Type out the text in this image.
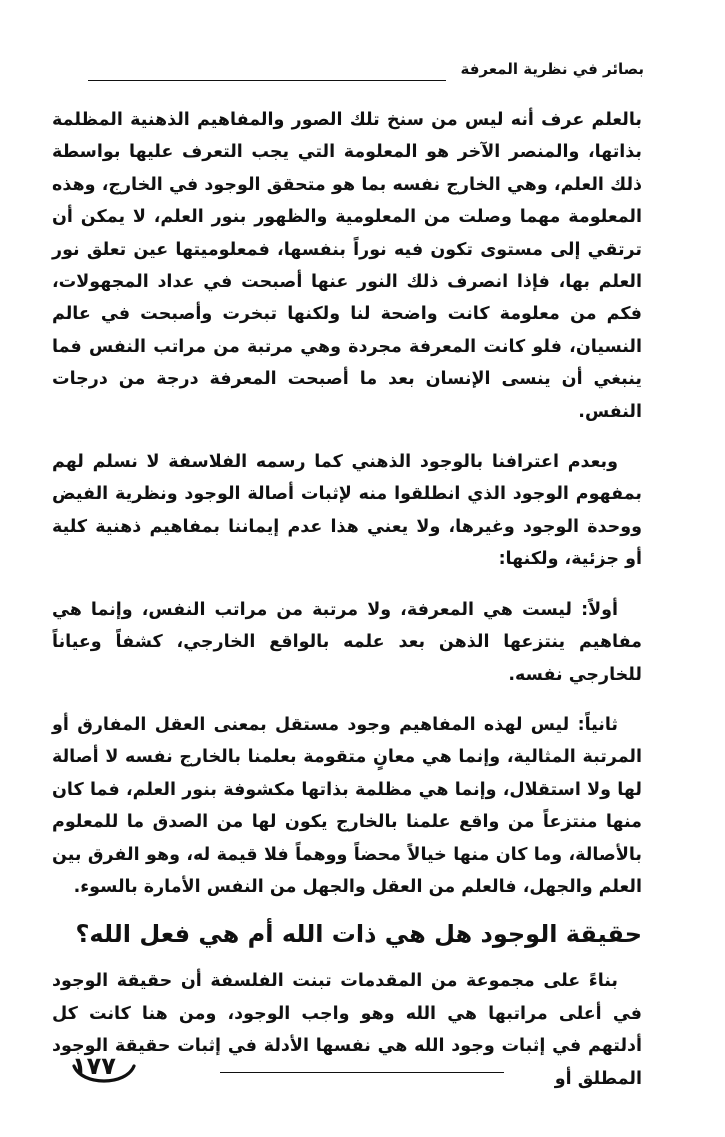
بصائر في نظرية المعرفة

بالعلم عرف أنه ليس من سنخ تلك الصور والمفاهيم الذهنية المظلمة بذاتها، والمنصر الآخر هو المعلومة التي يجب التعرف عليها بواسطة ذلك العلم، وهي الخارج نفسه بما هو متحقق الوجود في الخارج، وهذه المعلومة مهما وصلت من المعلومية والظهور بنور العلم، لا يمكن أن ترتقي إلى مستوى تكون فيه نوراً بنفسها، فمعلوميتها عين تعلق نور العلم بها، فإذا انصرف ذلك النور عنها أصبحت في عداد المجهولات، فكم من معلومة كانت واضحة لنا ولكنها تبخرت وأصبحت في عالم النسيان، فلو كانت المعرفة مجردة وهي مرتبة من مراتب النفس فما ينبغي أن ينسى الإنسان بعد ما أصبحت المعرفة درجة من درجات النفس.

وبعدم اعترافنا بالوجود الذهني كما رسمه الفلاسفة لا نسلم لهم بمفهوم الوجود الذي انطلقوا منه لإثبات أصالة الوجود ونظرية الفيض ووحدة الوجود وغيرها، ولا يعني هذا عدم إيماننا بمفاهيم ذهنية كلية أو جزئية، ولكنها:

أولاً: ليست هي المعرفة، ولا مرتبة من مراتب النفس، وإنما هي مفاهيم ينتزعها الذهن بعد علمه بالواقع الخارجي، كشفاً وعياناً للخارجي نفسه.

ثانياً: ليس لهذه المفاهيم وجود مستقل بمعنى العقل المفارق أو المرتبة المثالية، وإنما هي معانٍ متقومة بعلمنا بالخارج نفسه لا أصالة لها ولا استقلال، وإنما هي مظلمة بذاتها مكشوفة بنور العلم، فما كان منها منتزعاً من واقع علمنا بالخارج يكون لها من الصدق ما للمعلوم بالأصالة، وما كان منها خيالاً محضاً ووهماً فلا قيمة له، وهو الفرق بين العلم والجهل، فالعلم من العقل والجهل من النفس الأمارة بالسوء.

حقيقة الوجود هل هي ذات الله أم هي فعل الله؟

بناءً على مجموعة من المقدمات تبنت الفلسفة أن حقيقة الوجود في أعلى مراتبها هي الله وهو واجب الوجود، ومن هنا كانت كل أدلتهم في إثبات وجود الله هي نفسها الأدلة في إثبات حقيقة الوجود المطلق أو

١٧٧
